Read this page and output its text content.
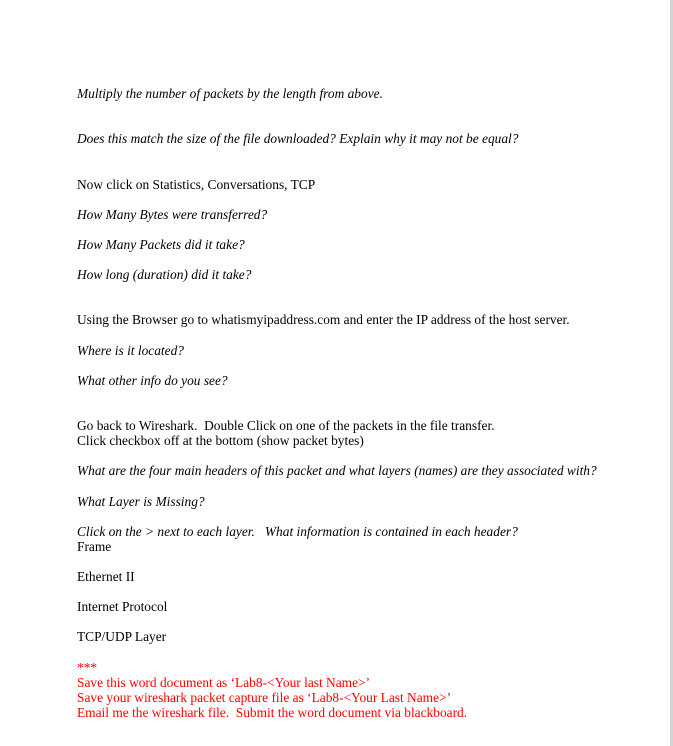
Multiply the number of packets by the length from above.

Does this match the size of the file downloaded? Explain why it may not be equal?

Now click on Statistics, Conversations, TCP

How Many Bytes were transferred?

How Many Packets did it take?

How long (duration) did it take?

Using the Browser go to whatismyipaddress.com and enter the IP address of the host server.

Where is it located?

What other info do you see?

Go back to Wireshark.  Double Click on one of the packets in the file transfer.

Click checkbox off at the bottom (show packet bytes)

What are the four main headers of this packet and what layers (names) are they associated with?

What Layer is Missing?

Click on the > next to each layer.   What information is contained in each header?

Frame

Ethernet II

Internet Protocol

TCP/UDP Layer

***

Save this word document as ‘Lab8-<Your last Name>’

Save your wireshark packet capture file as ‘Lab8-<Your Last Name>’

Email me the wireshark file.  Submit the word document via blackboard.
